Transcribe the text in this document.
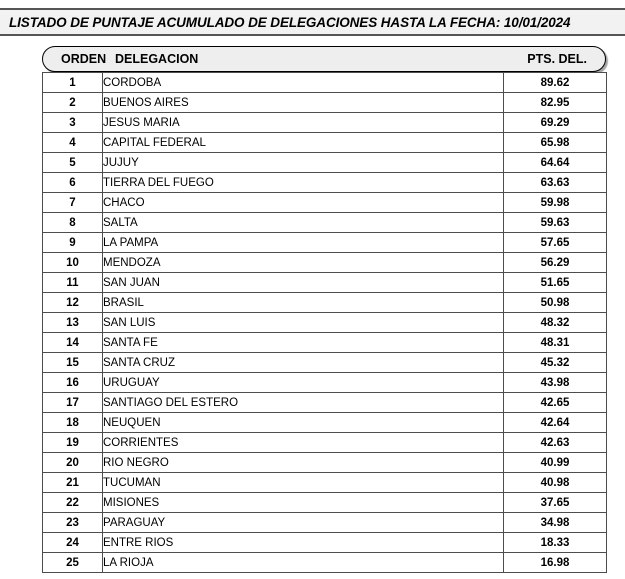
LISTADO DE PUNTAJE ACUMULADO DE DELEGACIONES HASTA LA FECHA: 10/01/2024
ORDEN DELEGACION	PTS. DEL.
1	CORDOBA	89.62
2	BUENOS AIRES	82.95
3	JESUS MARIA	69.29
4	CAPITAL FEDERAL	65.98
5	JUJUY	64.64
6	TIERRA DEL FUEGO	63.63
7	CHACO	59.98
8	SALTA	59.63
9	LA PAMPA	57.65
10	MENDOZA	56.29
11	SAN JUAN	51.65
12	BRASIL	50.98
13	SAN LUIS	48.32
14	SANTA FE	48.31
15	SANTA CRUZ	45.32
16	URUGUAY	43.98
17	SANTIAGO DEL ESTERO	42.65
18	NEUQUEN	42.64
19	CORRIENTES	42.63
20	RIO NEGRO	40.99
21	TUCUMAN	40.98
22	MISIONES	37.65
23	PARAGUAY	34.98
24	ENTRE RIOS	18.33
25	LA RIOJA	16.98
